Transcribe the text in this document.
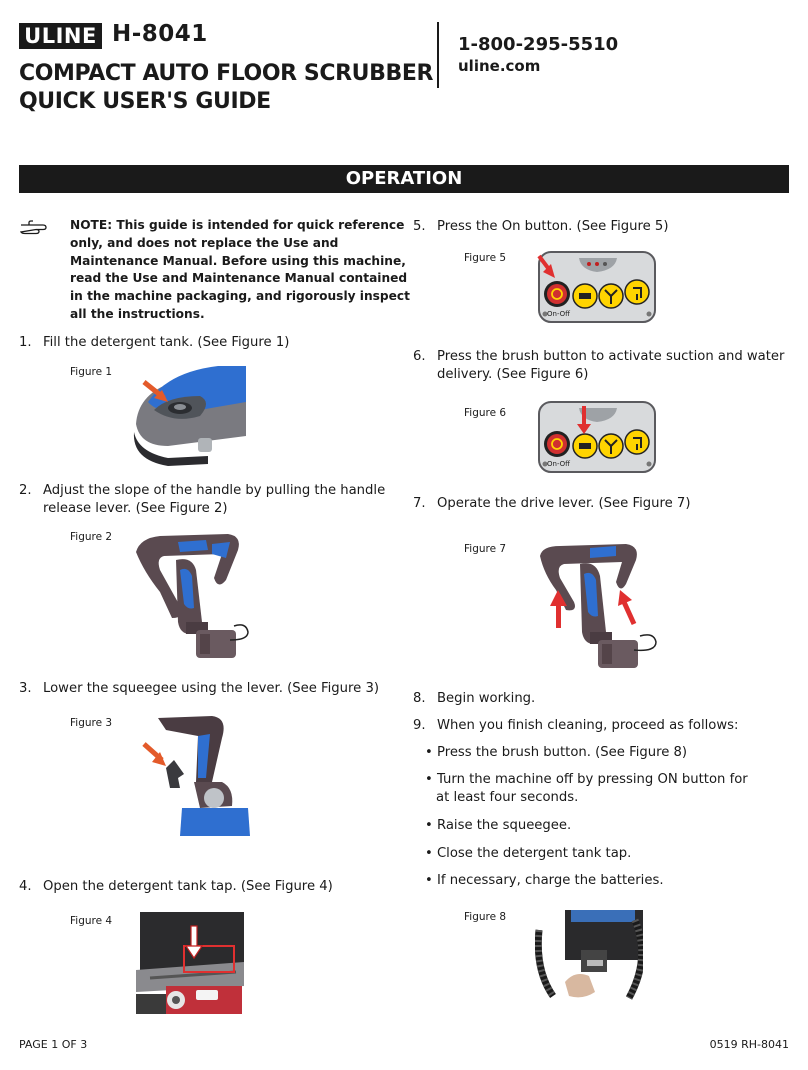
ULINE H-8041
COMPACT AUTO FLOOR SCRUBBER
QUICK USER'S GUIDE
1-800-295-5510
uline.com
OPERATION
NOTE: This guide is intended for quick reference
only, and does not replace the Use and
Maintenance Manual. Before using this machine,
read the Use and Maintenance Manual contained
in the machine packaging, and rigorously inspect
all the instructions.
1. Fill the detergent tank. (See Figure 1)
Figure 1
2. Adjust the slope of the handle by pulling the handle
release lever. (See Figure 2)
Figure 2
3. Lower the squeegee using the lever. (See Figure 3)
Figure 3
4. Open the detergent tank tap. (See Figure 4)
Figure 4
5. Press the On button. (See Figure 5)
Figure 5
On-Off
6. Press the brush button to activate suction and water
delivery. (See Figure 6)
Figure 6
On-Off
7. Operate the drive lever. (See Figure 7)
Figure 7
8. Begin working.
9. When you finish cleaning, proceed as follows:
• Press the brush button. (See Figure 8)
• Turn the machine off by pressing ON button for
at least four seconds.
• Raise the squeegee.
• Close the detergent tank tap.
• If necessary, charge the batteries.
Figure 8
PAGE 1 OF 3	0519 RH-8041
